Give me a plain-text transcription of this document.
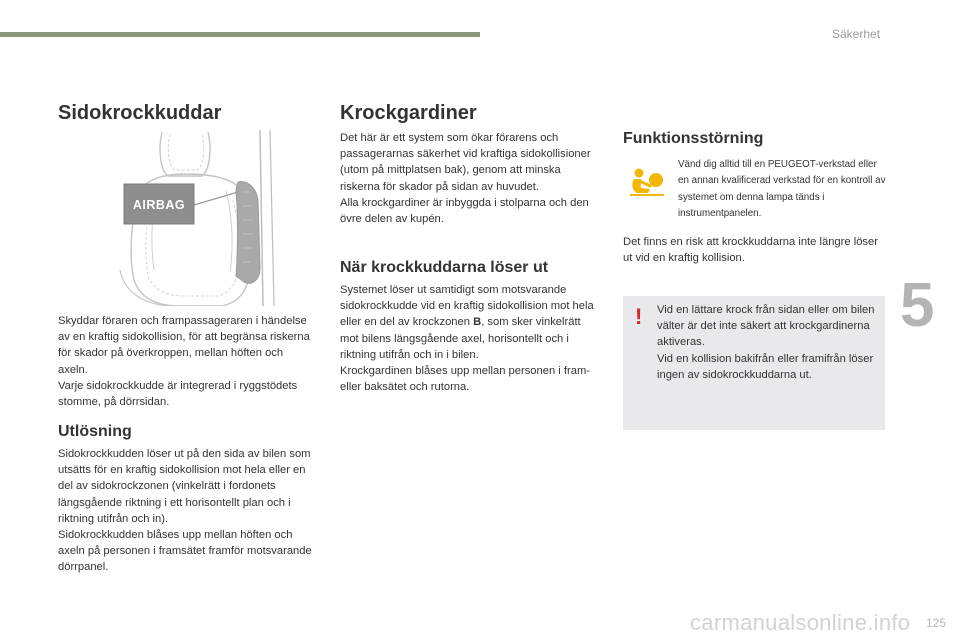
Säkerhet
5
Sidokrockkuddar
AIRBAG

Skyddar föraren och frampassageraren i händelse av en kraftig sidokollision, för att begränsa riskerna för skador på överkroppen, mellan höften och axeln.
Varje sidokrockkudde är integrerad i ryggstödets stomme, på dörrsidan.

Utlösning

Sidokrockkudden löser ut på den sida av bilen som utsätts för en kraftig sidokollision mot hela eller en del av sidokrockzonen (vinkelrätt i fordonets längsgående riktning i ett horisontellt plan och i riktning utifrån och in).
Sidokrockkudden blåses upp mellan höften och axeln på personen i framsätet framför motsvarande dörrpanel.

Krockgardiner

Det här är ett system som ökar förarens och passagerarnas säkerhet vid kraftiga sidokollisioner (utom på mittplatsen bak), genom att minska riskerna för skador på sidan av huvudet.
Alla krockgardiner är inbyggda i stolparna och den övre delen av kupén.

När krockkuddarna löser ut

Systemet löser ut samtidigt som motsvarande sidokrockkudde vid en kraftig sidokollision mot hela eller en del av krockzonen B, som sker vinkelrätt mot bilens längsgående axel, horisontellt och i riktning utifrån och in i bilen.
Krockgardinen blåses upp mellan personen i fram- eller baksätet och rutorna.

Funktionsstörning

Vänd dig alltid till en PEUGEOT-verkstad eller en annan kvalificerad verkstad för en kontroll av systemet om denna lampa tänds i instrumentpanelen.

Det finns en risk att krockkuddarna inte längre löser ut vid en kraftig kollision.

! Vid en lättare krock från sidan eller om bilen välter är det inte säkert att krockgardinerna aktiveras.
Vid en kollision bakifrån eller framifrån löser ingen av sidokrockkuddarna ut.

carmanualsonline.info 125
